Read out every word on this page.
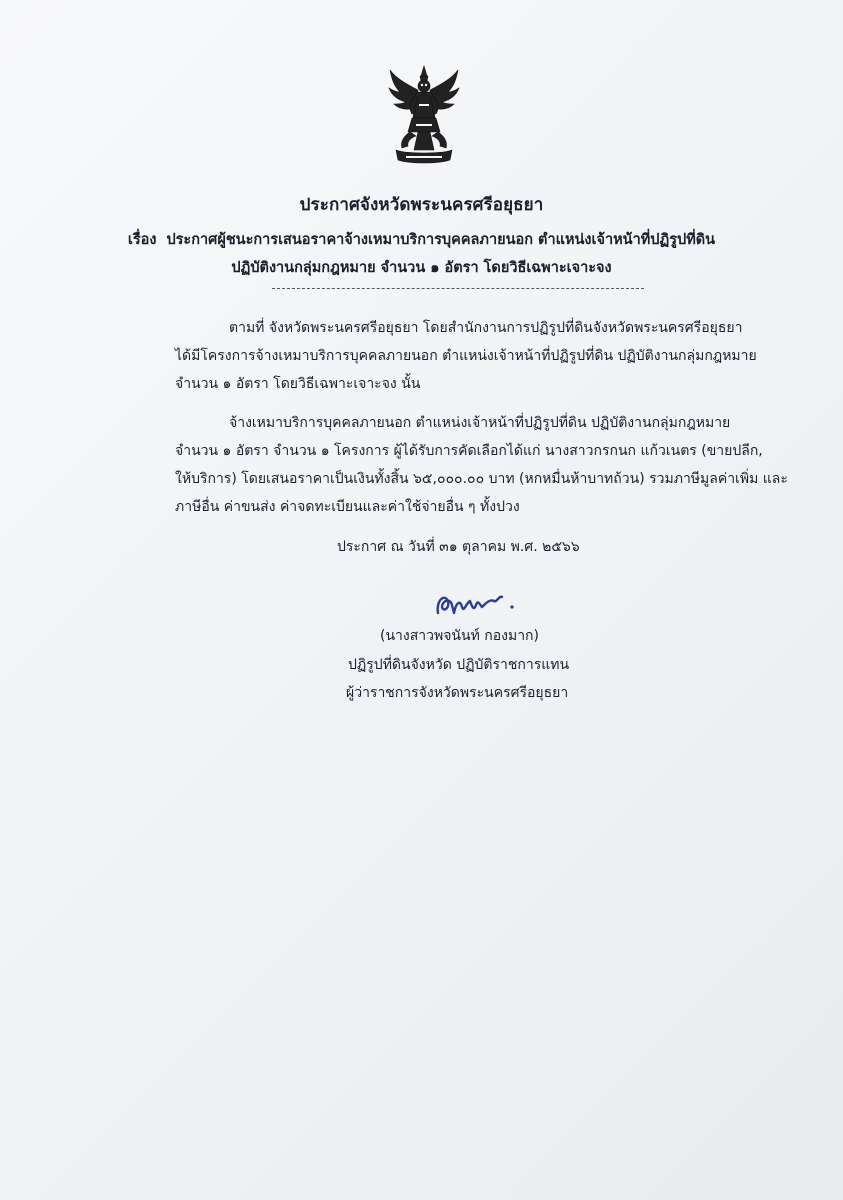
ประกาศจังหวัดพระนครศรีอยุธยา
เรื่อง ประกาศผู้ชนะการเสนอราคาจ้างเหมาบริการบุคคลภายนอก ตำแหน่งเจ้าหน้าที่ปฏิรูปที่ดิน
ปฏิบัติงานกลุ่มกฎหมาย จำนวน ๑ อัตรา โดยวิธีเฉพาะเจาะจง
ตามที่ จังหวัดพระนครศรีอยุธยา โดยสำนักงานการปฏิรูปที่ดินจังหวัดพระนครศรีอยุธยา
ได้มีโครงการจ้างเหมาบริการบุคคลภายนอก ตำแหน่งเจ้าหน้าที่ปฏิรูปที่ดิน ปฏิบัติงานกลุ่มกฎหมาย
จำนวน ๑ อัตรา โดยวิธีเฉพาะเจาะจง นั้น
จ้างเหมาบริการบุคคลภายนอก ตำแหน่งเจ้าหน้าที่ปฏิรูปที่ดิน ปฏิบัติงานกลุ่มกฎหมาย
จำนวน ๑ อัตรา จำนวน ๑ โครงการ ผู้ได้รับการคัดเลือกได้แก่ นางสาวกรกนก แก้วเนตร (ขายปลีก,
ให้บริการ) โดยเสนอราคาเป็นเงินทั้งสิ้น ๖๕,๐๐๐.๐๐ บาท (หกหมื่นห้าบาทถ้วน) รวมภาษีมูลค่าเพิ่ม และ
ภาษีอื่น ค่าขนส่ง ค่าจดทะเบียนและค่าใช้จ่ายอื่น ๆ ทั้งปวง
ประกาศ ณ วันที่ ๓๑ ตุลาคม พ.ศ. ๒๕๖๖
(นางสาวพจนันท์ กองมาก)
ปฏิรูปที่ดินจังหวัด ปฏิบัติราชการแทน
ผู้ว่าราชการจังหวัดพระนครศรีอยุธยา
